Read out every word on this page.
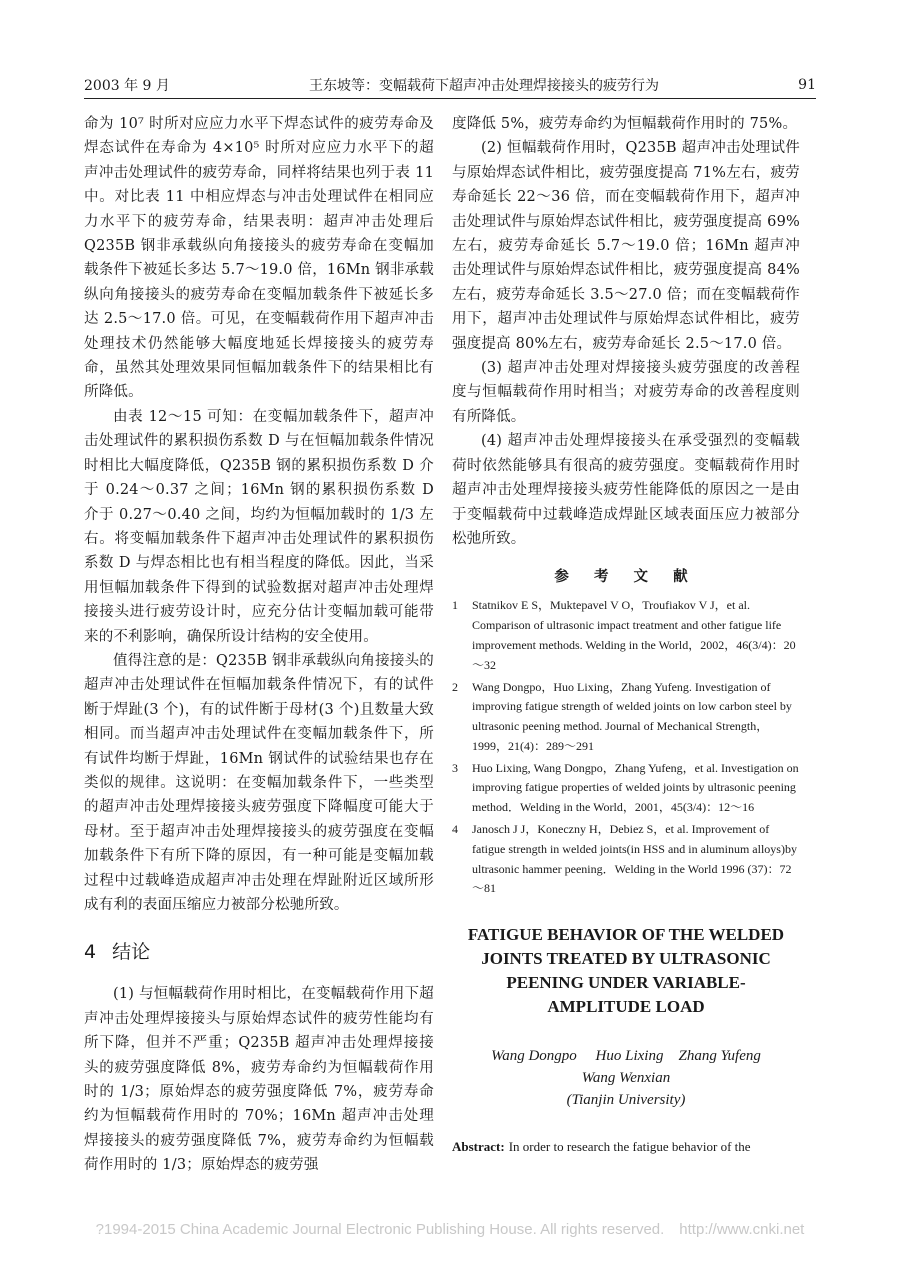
2003 年 9 月	王东坡等：变幅载荷下超声冲击处理焊接接头的疲劳行为	91

命为 10⁷ 时所对应应力水平下焊态试件的疲劳寿命及焊态试件在寿命为 4×10⁵ 时所对应应力水平下的超声冲击处理试件的疲劳寿命，同样将结果也列于表 11 中。对比表 11 中相应焊态与冲击处理试件在相同应力水平下的疲劳寿命，结果表明：超声冲击处理后 Q235B 钢非承载纵向角接接头的疲劳寿命在变幅加载条件下被延长多达 5.7～19.0 倍，16Mn 钢非承载纵向角接接头的疲劳寿命在变幅加载条件下被延长多达 2.5～17.0 倍。可见，在变幅载荷作用下超声冲击处理技术仍然能够大幅度地延长焊接接头的疲劳寿命，虽然其处理效果同恒幅加载条件下的结果相比有所降低。

由表 12～15 可知：在变幅加载条件下，超声冲击处理试件的累积损伤系数 D 与在恒幅加载条件情况时相比大幅度降低，Q235B 钢的累积损伤系数 D 介于 0.24～0.37 之间；16Mn 钢的累积损伤系数 D 介于 0.27～0.40 之间，均约为恒幅加载时的 1/3 左右。将变幅加载条件下超声冲击处理试件的累积损伤系数 D 与焊态相比也有相当程度的降低。因此，当采用恒幅加载条件下得到的试验数据对超声冲击处理焊接接头进行疲劳设计时，应充分估计变幅加载可能带来的不利影响，确保所设计结构的安全使用。

值得注意的是：Q235B 钢非承载纵向角接接头的超声冲击处理试件在恒幅加载条件情况下，有的试件断于焊趾(3 个)，有的试件断于母材(3 个)且数量大致相同。而当超声冲击处理试件在变幅加载条件下，所有试件均断于焊趾，16Mn 钢试件的试验结果也存在类似的规律。这说明：在变幅加载条件下，一些类型的超声冲击处理焊接接头疲劳强度下降幅度可能大于母材。至于超声冲击处理焊接接头的疲劳强度在变幅加载条件下有所下降的原因，有一种可能是变幅加载过程中过载峰造成超声冲击处理在焊趾附近区域所形成有利的表面压缩应力被部分松驰所致。

4 结论

(1) 与恒幅载荷作用时相比，在变幅载荷作用下超声冲击处理焊接接头与原始焊态试件的疲劳性能均有所下降，但并不严重；Q235B 超声冲击处理焊接接头的疲劳强度降低 8%，疲劳寿命约为恒幅载荷作用时的 1/3；原始焊态的疲劳强度降低 7%，疲劳寿命约为恒幅载荷作用时的 70%；16Mn 超声冲击处理焊接接头的疲劳强度降低 7%，疲劳寿命约为恒幅载荷作用时的 1/3；原始焊态的疲劳强

度降低 5%，疲劳寿命约为恒幅载荷作用时的 75%。

(2) 恒幅载荷作用时，Q235B 超声冲击处理试件与原始焊态试件相比，疲劳强度提高 71%左右，疲劳寿命延长 22～36 倍，而在变幅载荷作用下，超声冲击处理试件与原始焊态试件相比，疲劳强度提高 69%左右，疲劳寿命延长 5.7～19.0 倍；16Mn 超声冲击处理试件与原始焊态试件相比，疲劳强度提高 84%左右，疲劳寿命延长 3.5～27.0 倍；而在变幅载荷作用下，超声冲击处理试件与原始焊态试件相比，疲劳强度提高 80%左右，疲劳寿命延长 2.5～17.0 倍。

(3) 超声冲击处理对焊接接头疲劳强度的改善程度与恒幅载荷作用时相当；对疲劳寿命的改善程度则有所降低。

(4) 超声冲击处理焊接接头在承受强烈的变幅载荷时依然能够具有很高的疲劳强度。变幅载荷作用时超声冲击处理焊接接头疲劳性能降低的原因之一是由于变幅载荷中过载峰造成焊趾区域表面压应力被部分松弛所致。

参 考 文 献
1 Statnikov E S，Muktepavel V O，Troufiakov V J，et al. Comparison of ultrasonic impact treatment and other fatigue life improvement methods. Welding in the World，2002，46(3/4)：20～32
2 Wang Dongpo，Huo Lixing，Zhang Yufeng. Investigation of improving fatigue strength of welded joints on low carbon steel by ultrasonic peening method. Journal of Mechanical Strength，1999，21(4)：289～291
3 Huo Lixing, Wang Dongpo，Zhang Yufeng，et al. Investigation on improving fatigue properties of welded joints by ultrasonic peening method．Welding in the World，2001，45(3/4)：12～16
4 Janosch J J，Koneczny H，Debiez S，et al. Improvement of fatigue strength in welded joints(in HSS and in aluminum alloys)by ultrasonic hammer peening．Welding in the World 1996 (37)：72～81
FATIGUE BEHAVIOR OF THE WELDED
JOINTS TREATED BY ULTRASONIC
PEENING UNDER VARIABLE-
AMPLITUDE LOAD
Wang Dongpo　 Huo Lixing　Zhang Yufeng
Wang Wenxian
(Tianjin University)
Abstract: In order to research the fatigue behavior of the
?1994-2015 China Academic Journal Electronic Publishing House. All rights reserved.　http://www.cnki.net
